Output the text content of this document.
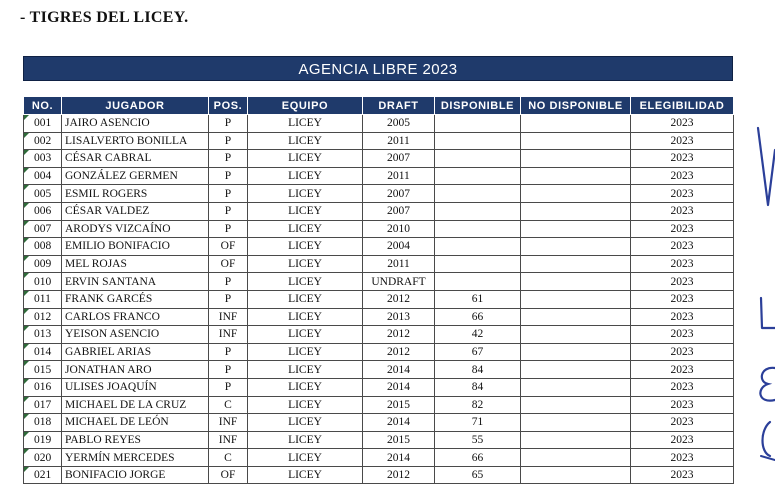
- TIGRES DEL LICEY.
AGENCIA LIBRE 2023
NO.	JUGADOR	POS.	EQUIPO	DRAFT	DISPONIBLE	NO DISPONIBLE	ELEGIBILIDAD
001	JAIRO ASENCIO	P	LICEY	2005			2023
002	LISALVERTO BONILLA	P	LICEY	2011			2023
003	CÉSAR CABRAL	P	LICEY	2007			2023
004	GONZÁLEZ GERMEN	P	LICEY	2011			2023
005	ESMIL ROGERS	P	LICEY	2007			2023
006	CÉSAR VALDEZ	P	LICEY	2007			2023
007	ARODYS VIZCAÍNO	P	LICEY	2010			2023
008	EMILIO BONIFACIO	OF	LICEY	2004			2023
009	MEL ROJAS	OF	LICEY	2011			2023
010	ERVIN SANTANA	P	LICEY	UNDRAFT			2023
011	FRANK GARCÉS	P	LICEY	2012	61		2023
012	CARLOS FRANCO	INF	LICEY	2013	66		2023
013	YEISON ASENCIO	INF	LICEY	2012	42		2023
014	GABRIEL ARIAS	P	LICEY	2012	67		2023
015	JONATHAN ARO	P	LICEY	2014	84		2023
016	ULISES JOAQUÍN	P	LICEY	2014	84		2023
017	MICHAEL DE LA CRUZ	C	LICEY	2015	82		2023
018	MICHAEL DE LEÓN	INF	LICEY	2014	71		2023
019	PABLO REYES	INF	LICEY	2015	55		2023
020	YERMÍN MERCEDES	C	LICEY	2014	66		2023
021	BONIFACIO JORGE	OF	LICEY	2012	65		2023
